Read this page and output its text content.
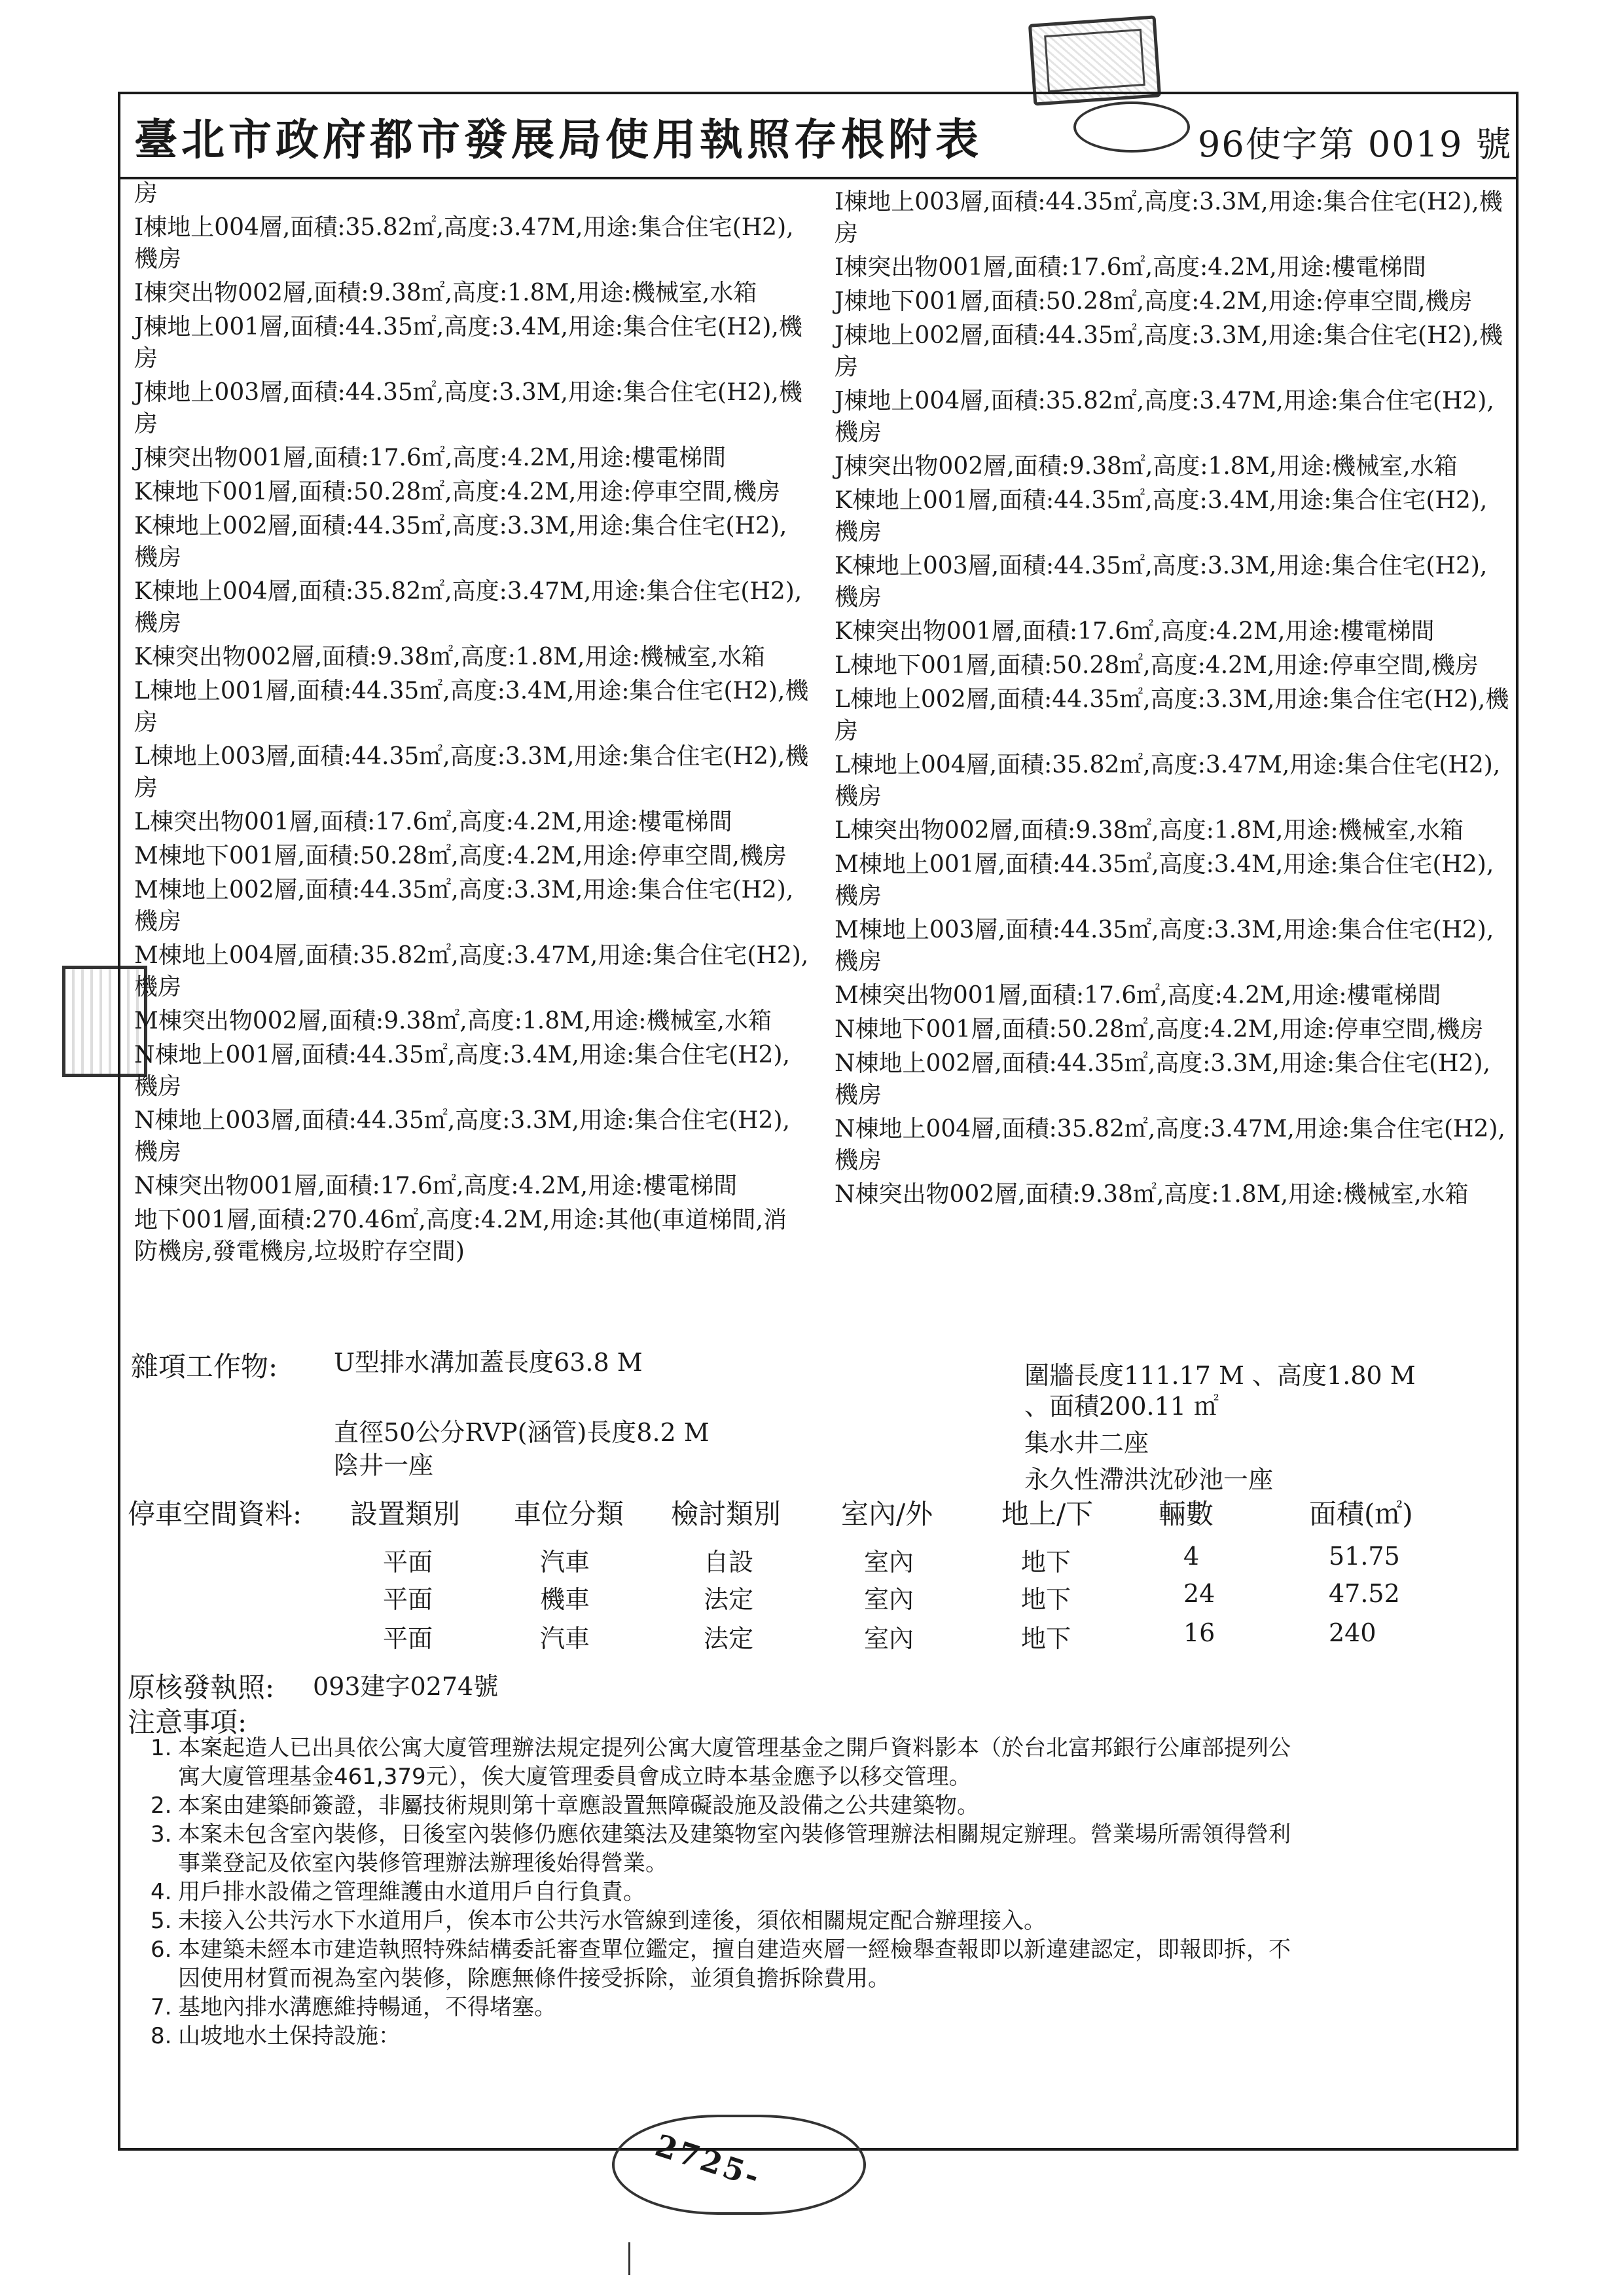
臺北市政府都市發展局使用執照存根附表	96使字第 0019 號
房
I棟地上004層,面積:35.82㎡,高度:3.47M,用途:集合住宅(H2),
機房
I棟突出物002層,面積:9.38㎡,高度:1.8M,用途:機械室,水箱
J棟地上001層,面積:44.35㎡,高度:3.4M,用途:集合住宅(H2),機
房
J棟地上003層,面積:44.35㎡,高度:3.3M,用途:集合住宅(H2),機
房
J棟突出物001層,面積:17.6㎡,高度:4.2M,用途:樓電梯間
K棟地下001層,面積:50.28㎡,高度:4.2M,用途:停車空間,機房
K棟地上002層,面積:44.35㎡,高度:3.3M,用途:集合住宅(H2),
機房
K棟地上004層,面積:35.82㎡,高度:3.47M,用途:集合住宅(H2),
機房
K棟突出物002層,面積:9.38㎡,高度:1.8M,用途:機械室,水箱
L棟地上001層,面積:44.35㎡,高度:3.4M,用途:集合住宅(H2),機
房
L棟地上003層,面積:44.35㎡,高度:3.3M,用途:集合住宅(H2),機
房
L棟突出物001層,面積:17.6㎡,高度:4.2M,用途:樓電梯間
M棟地下001層,面積:50.28㎡,高度:4.2M,用途:停車空間,機房
M棟地上002層,面積:44.35㎡,高度:3.3M,用途:集合住宅(H2),
機房
M棟地上004層,面積:35.82㎡,高度:3.47M,用途:集合住宅(H2),
機房
M棟突出物002層,面積:9.38㎡,高度:1.8M,用途:機械室,水箱
N棟地上001層,面積:44.35㎡,高度:3.4M,用途:集合住宅(H2),
機房
N棟地上003層,面積:44.35㎡,高度:3.3M,用途:集合住宅(H2),
機房
N棟突出物001層,面積:17.6㎡,高度:4.2M,用途:樓電梯間
地下001層,面積:270.46㎡,高度:4.2M,用途:其他(車道梯間,消
防機房,發電機房,垃圾貯存空間)
I棟地上003層,面積:44.35㎡,高度:3.3M,用途:集合住宅(H2),機
房
I棟突出物001層,面積:17.6㎡,高度:4.2M,用途:樓電梯間
J棟地下001層,面積:50.28㎡,高度:4.2M,用途:停車空間,機房
J棟地上002層,面積:44.35㎡,高度:3.3M,用途:集合住宅(H2),機
房
J棟地上004層,面積:35.82㎡,高度:3.47M,用途:集合住宅(H2),
機房
J棟突出物002層,面積:9.38㎡,高度:1.8M,用途:機械室,水箱
K棟地上001層,面積:44.35㎡,高度:3.4M,用途:集合住宅(H2),
機房
K棟地上003層,面積:44.35㎡,高度:3.3M,用途:集合住宅(H2),
機房
K棟突出物001層,面積:17.6㎡,高度:4.2M,用途:樓電梯間
L棟地下001層,面積:50.28㎡,高度:4.2M,用途:停車空間,機房
L棟地上002層,面積:44.35㎡,高度:3.3M,用途:集合住宅(H2),機
房
L棟地上004層,面積:35.82㎡,高度:3.47M,用途:集合住宅(H2),
機房
L棟突出物002層,面積:9.38㎡,高度:1.8M,用途:機械室,水箱
M棟地上001層,面積:44.35㎡,高度:3.4M,用途:集合住宅(H2),
機房
M棟地上003層,面積:44.35㎡,高度:3.3M,用途:集合住宅(H2),
機房
M棟突出物001層,面積:17.6㎡,高度:4.2M,用途:樓電梯間
N棟地下001層,面積:50.28㎡,高度:4.2M,用途:停車空間,機房
N棟地上002層,面積:44.35㎡,高度:3.3M,用途:集合住宅(H2),
機房
N棟地上004層,面積:35.82㎡,高度:3.47M,用途:集合住宅(H2),
機房
N棟突出物002層,面積:9.38㎡,高度:1.8M,用途:機械室,水箱
雜項工作物: U型排水溝加蓋長度63.8 M
直徑50公分RVP(涵管)長度8.2 M
陰井一座
圍牆長度111.17 M 、高度1.80 M
、面積200.11 ㎡
集水井二座
永久性滯洪沈砂池一座
停車空間資料: 設置類別 車位分類 檢討類別 室內/外 地上/下 輛數	面積(㎡)
平面	汽車	自設	室內	地下	4	51.75
平面	機車	法定	室內	地下	24	47.52
平面	汽車	法定	室內	地下	16	240
原核發執照: 093建字0274號
注意事項:
1. 本案起造人已出具依公寓大廈管理辦法規定提列公寓大廈管理基金之開戶資料影本（於台北富邦銀行公庫部提列公
寓大廈管理基金461,379元），俟大廈管理委員會成立時本基金應予以移交管理。
2. 本案由建築師簽證，非屬技術規則第十章應設置無障礙設施及設備之公共建築物。
3. 本案未包含室內裝修，日後室內裝修仍應依建築法及建築物室內裝修管理辦法相關規定辦理。營業場所需領得營利
事業登記及依室內裝修管理辦法辦理後始得營業。
4. 用戶排水設備之管理維護由水道用戶自行負責。
5. 未接入公共污水下水道用戶，俟本市公共污水管線到達後，須依相關規定配合辦理接入。
6. 本建築未經本市建造執照特殊結構委託審查單位鑑定，擅自建造夾層一經檢舉查報即以新違建認定，即報即拆，不
因使用材質而視為室內裝修，除應無條件接受拆除，並須負擔拆除費用。
7. 基地內排水溝應維持暢通，不得堵塞。
8. 山坡地水土保持設施：
2725-
